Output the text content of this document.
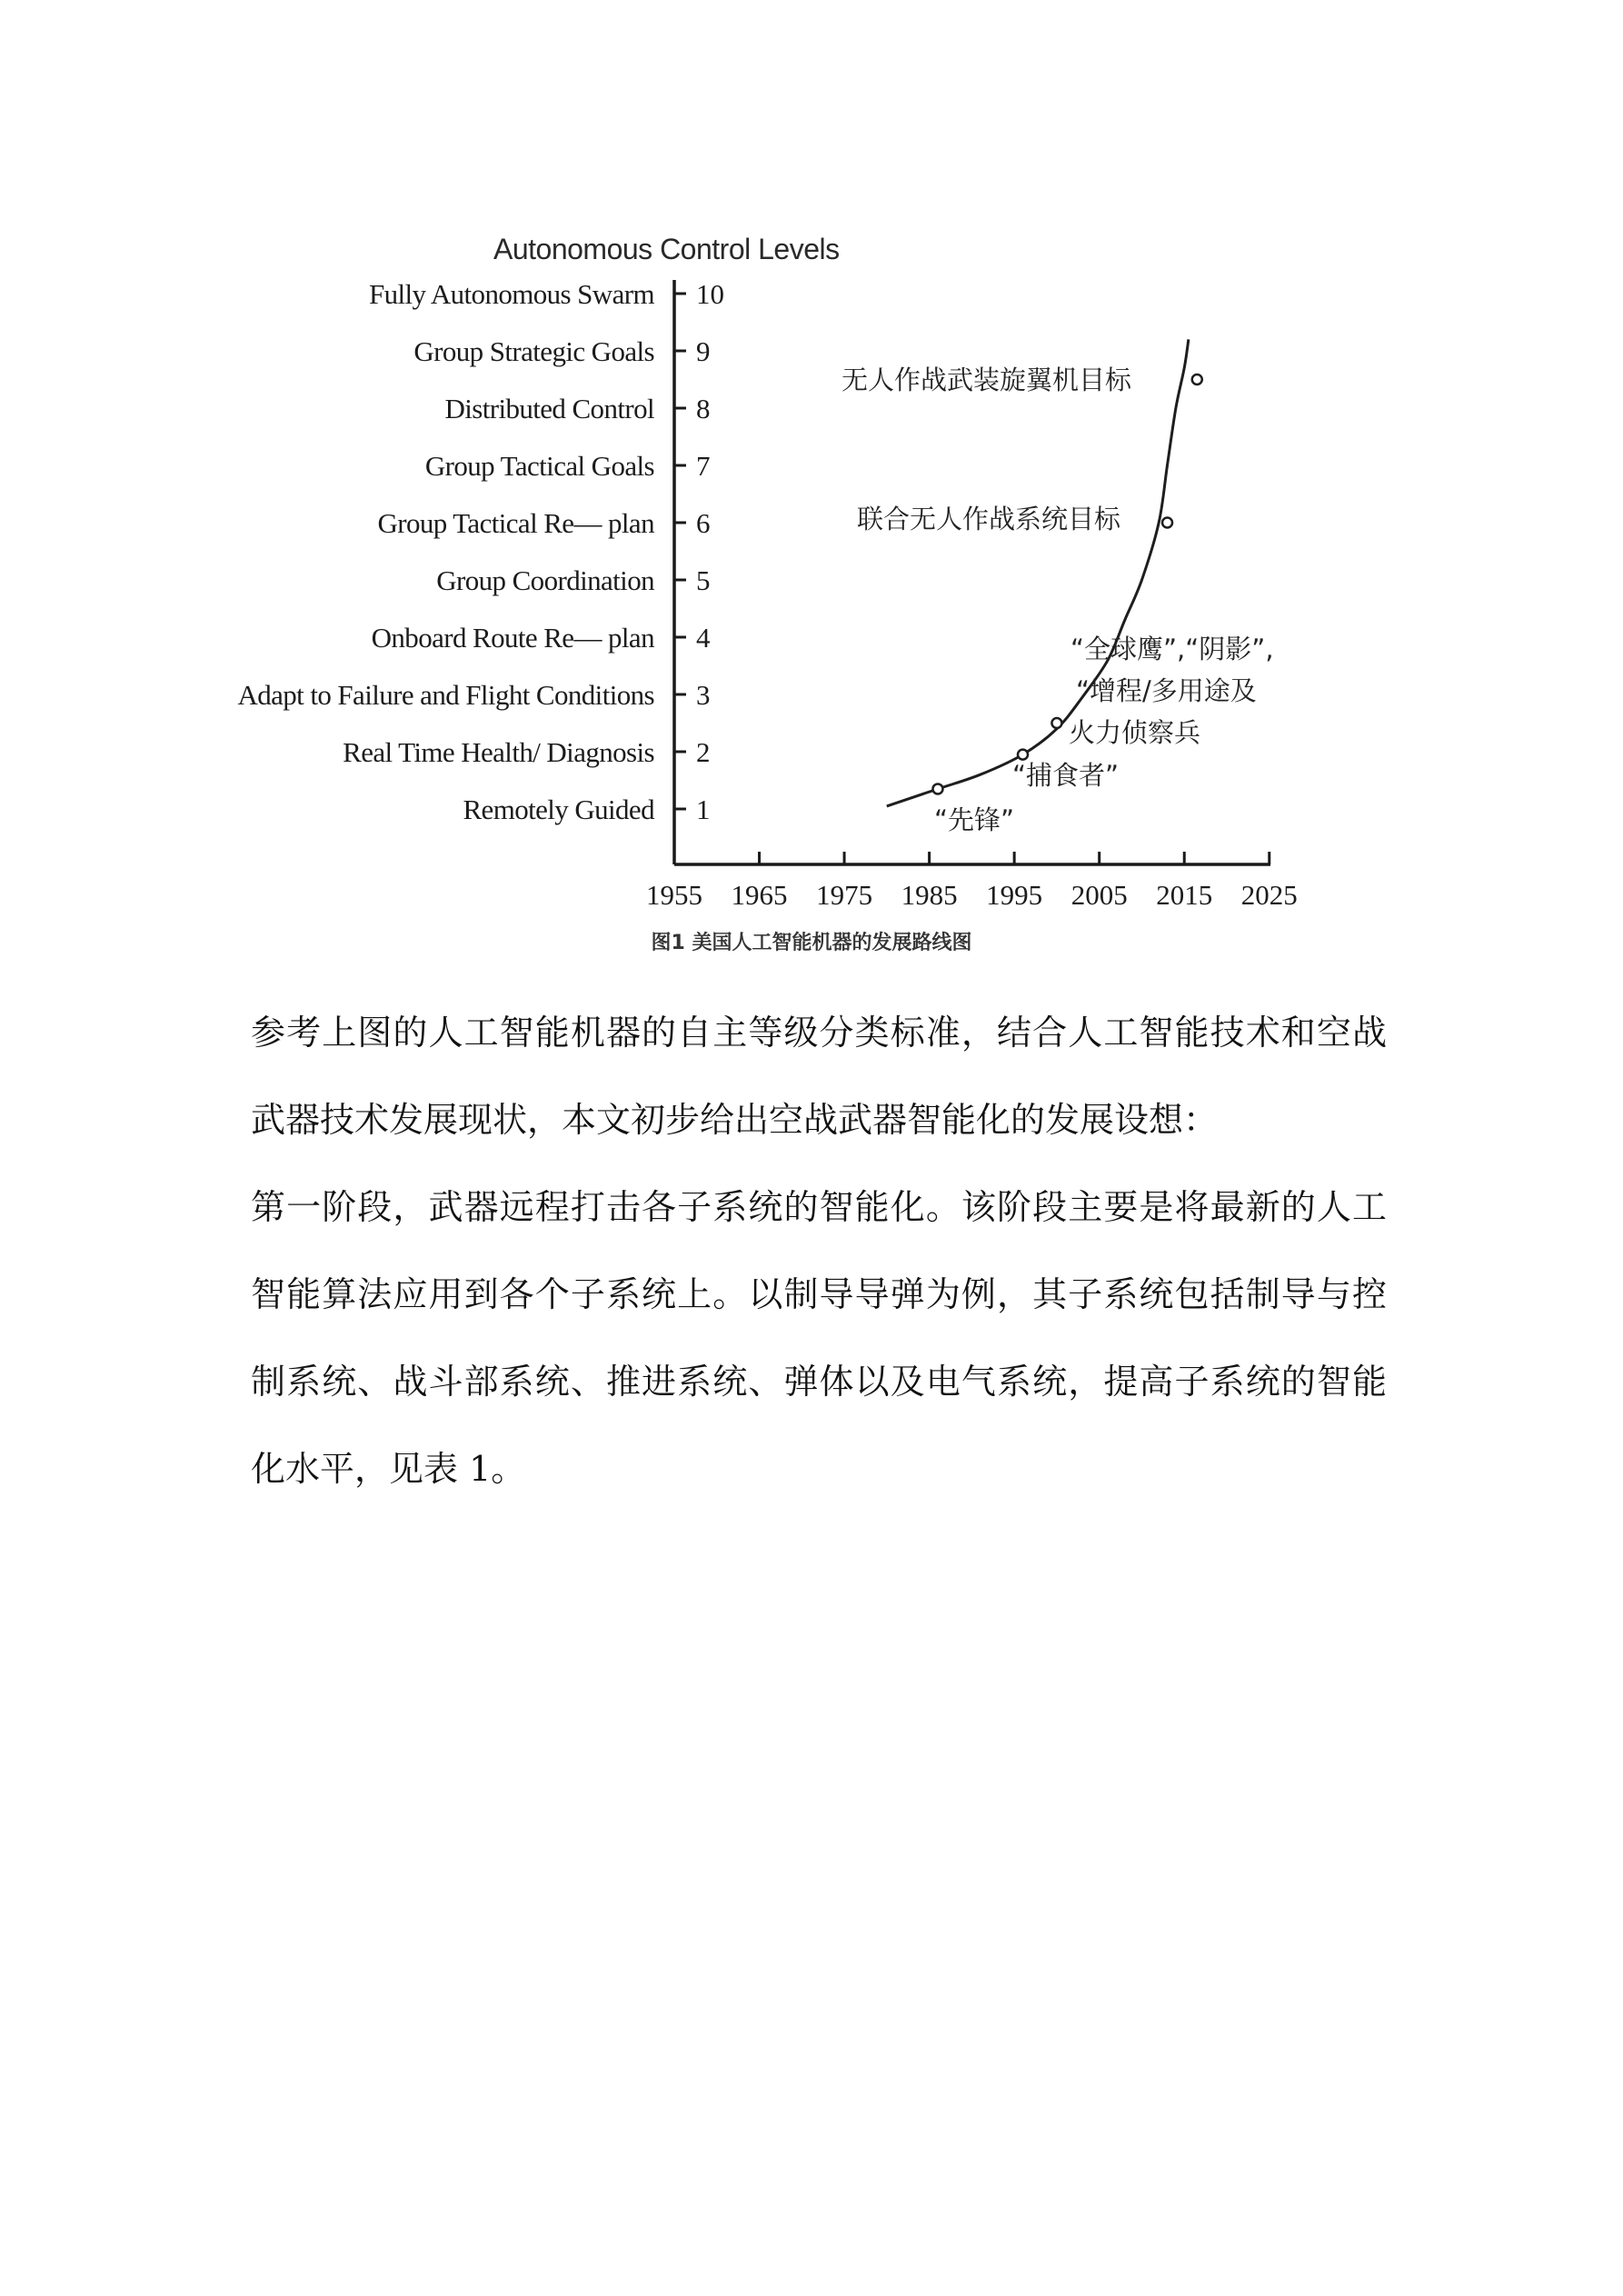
Autonomous Control Levels
1
Remotely Guided
2
Real Time Health/ Diagnosis
3
Adapt to Failure and Flight Conditions
4
Onboard Route Re— plan
5
Group Coordination
6
Group Tactical Re— plan
7
Group Tactical Goals
8
Distributed Control
9
Group Strategic Goals
10
Fully Autonomous Swarm
1955 1965 1975 1985 1995 2005 2015 2025
“先锋”
“捕食者”
“全球鹰”,“阴影”,
“增程/多用途及
火力侦察兵
联合无人作战系统目标
无人作战武装旋翼机目标
图1 美国人工智能机器的发展路线图

参考上图的人工智能机器的自主等级分类标准，结合人工智能技术和空战武器技术发展现状，本文初步给出空战武器智能化的发展设想：

第一阶段，武器远程打击各子系统的智能化。该阶段主要是将最新的人工智能算法应用到各个子系统上。以制导导弹为例，其子系统包括制导与控制系统、战斗部系统、推进系统、弹体以及电气系统，提高子系统的智能化水平，见表 1。
